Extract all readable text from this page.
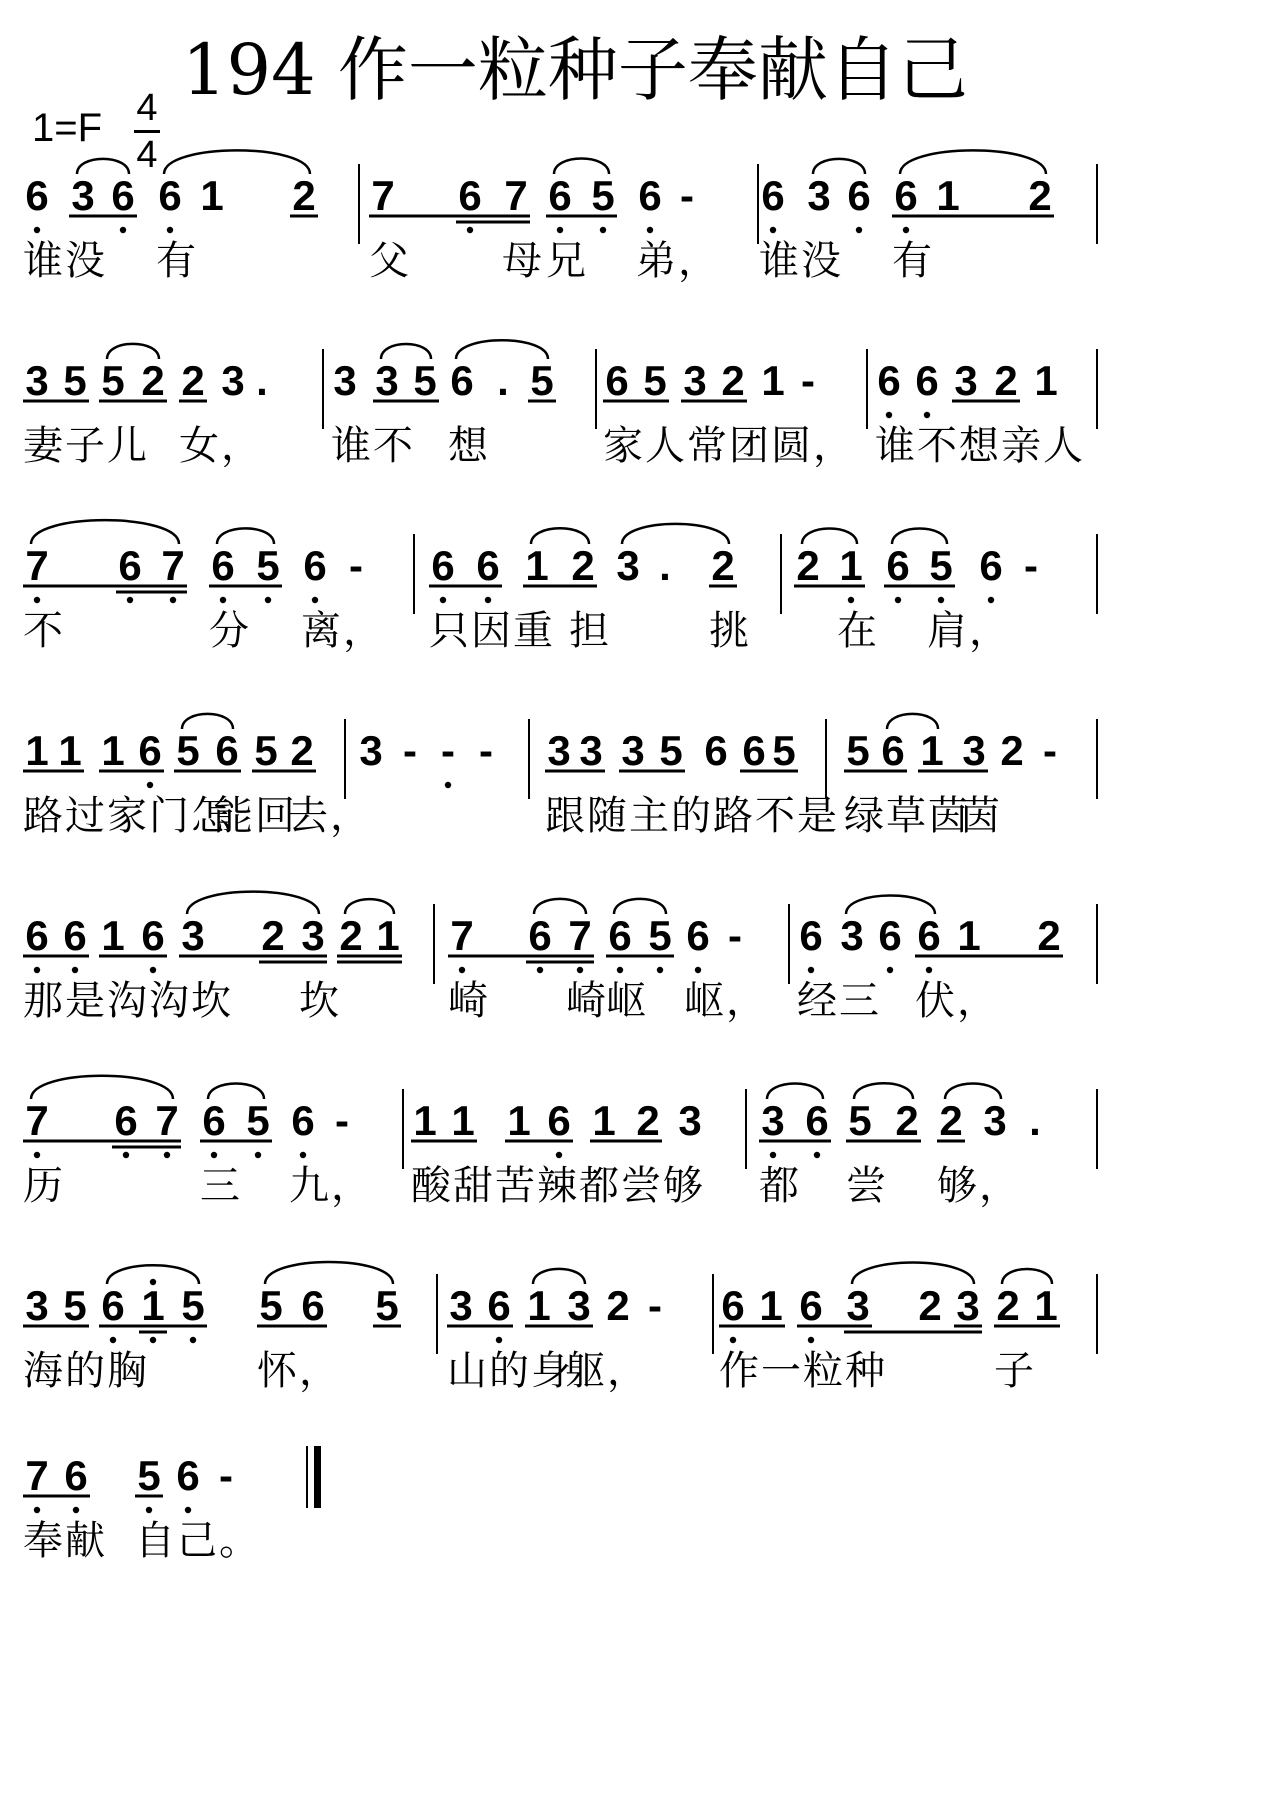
194 作一粒种子奉献自己
1=F 4
4
6 3 6 6 1 2 7 6 7 6 5 6 - 6 3 6 6 1 2
谁没 有	父 母 兄 弟， 谁没 有
3 5 5 2 2 3 . 3 3 5 6 . 5 6 5 3 2 1 - 6 6 3 2 1
妻子儿 女， 谁不 想	家人常团圆， 谁不想亲人
7 6 7 6 5 6 - 6 6 1 2 3 . 2 2 1 6 5 6 -
不	分 离， 只因重 担 挑 在 肩，
1 1 1 6 5 6 5 2 3 - - - 3 3 3 5 6 6 5 5 6 1 3 2 -
路过家门怎
能回
去，	跟随主的路不是 绿草茵
茵
6 6 1 6 3 2 3 2 1 7 6 7 6 5 6 - 6 3 6 6 1 2
那是沟沟坎 坎	崎 崎
岖 岖， 经三 伏，
7 6 7 6 5 6 - 1 1 1 6 1 2 3 3 6 5 2 2 3 .
历	三 九， 酸甜苦辣都尝够 都 尝 够，
3 5 6 1 5 5 6 5 3 6 1 3 2 - 6 1 6 3 2 3 2 1
海的胸	怀，	山的身
躯， 作一粒种	子
7 6 5 6 -
奉献 自己。
